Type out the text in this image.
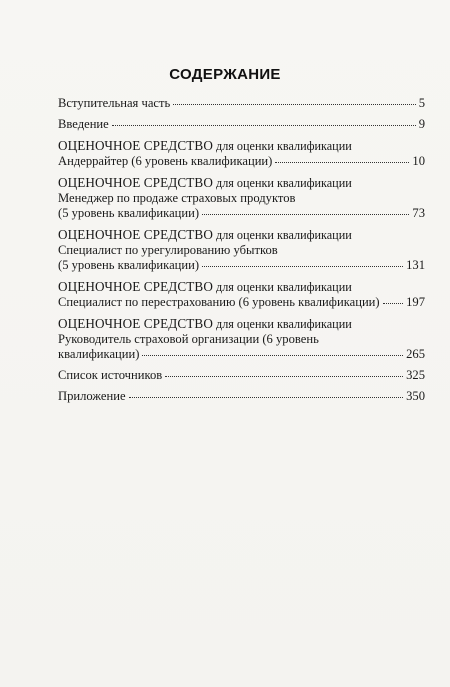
СОДЕРЖАНИЕ
Вступительная часть	5
Введение	9
ОЦЕНОЧНОЕ СРЕДСТВО для оценки квалификации
Андеррайтер (6 уровень квалификации)	10
ОЦЕНОЧНОЕ СРЕДСТВО для оценки квалификации
Менеджер по продаже страховых продуктов
(5 уровень квалификации)	73
ОЦЕНОЧНОЕ СРЕДСТВО для оценки квалификации
Специалист по урегулированию убытков
(5 уровень квалификации)	131
ОЦЕНОЧНОЕ СРЕДСТВО для оценки квалификации
Специалист по перестрахованию (6 уровень квалификации) 197
ОЦЕНОЧНОЕ СРЕДСТВО для оценки квалификации
Руководитель страховой организации (6 уровень
квалификации)	265
Список источников	325
Приложение	350
